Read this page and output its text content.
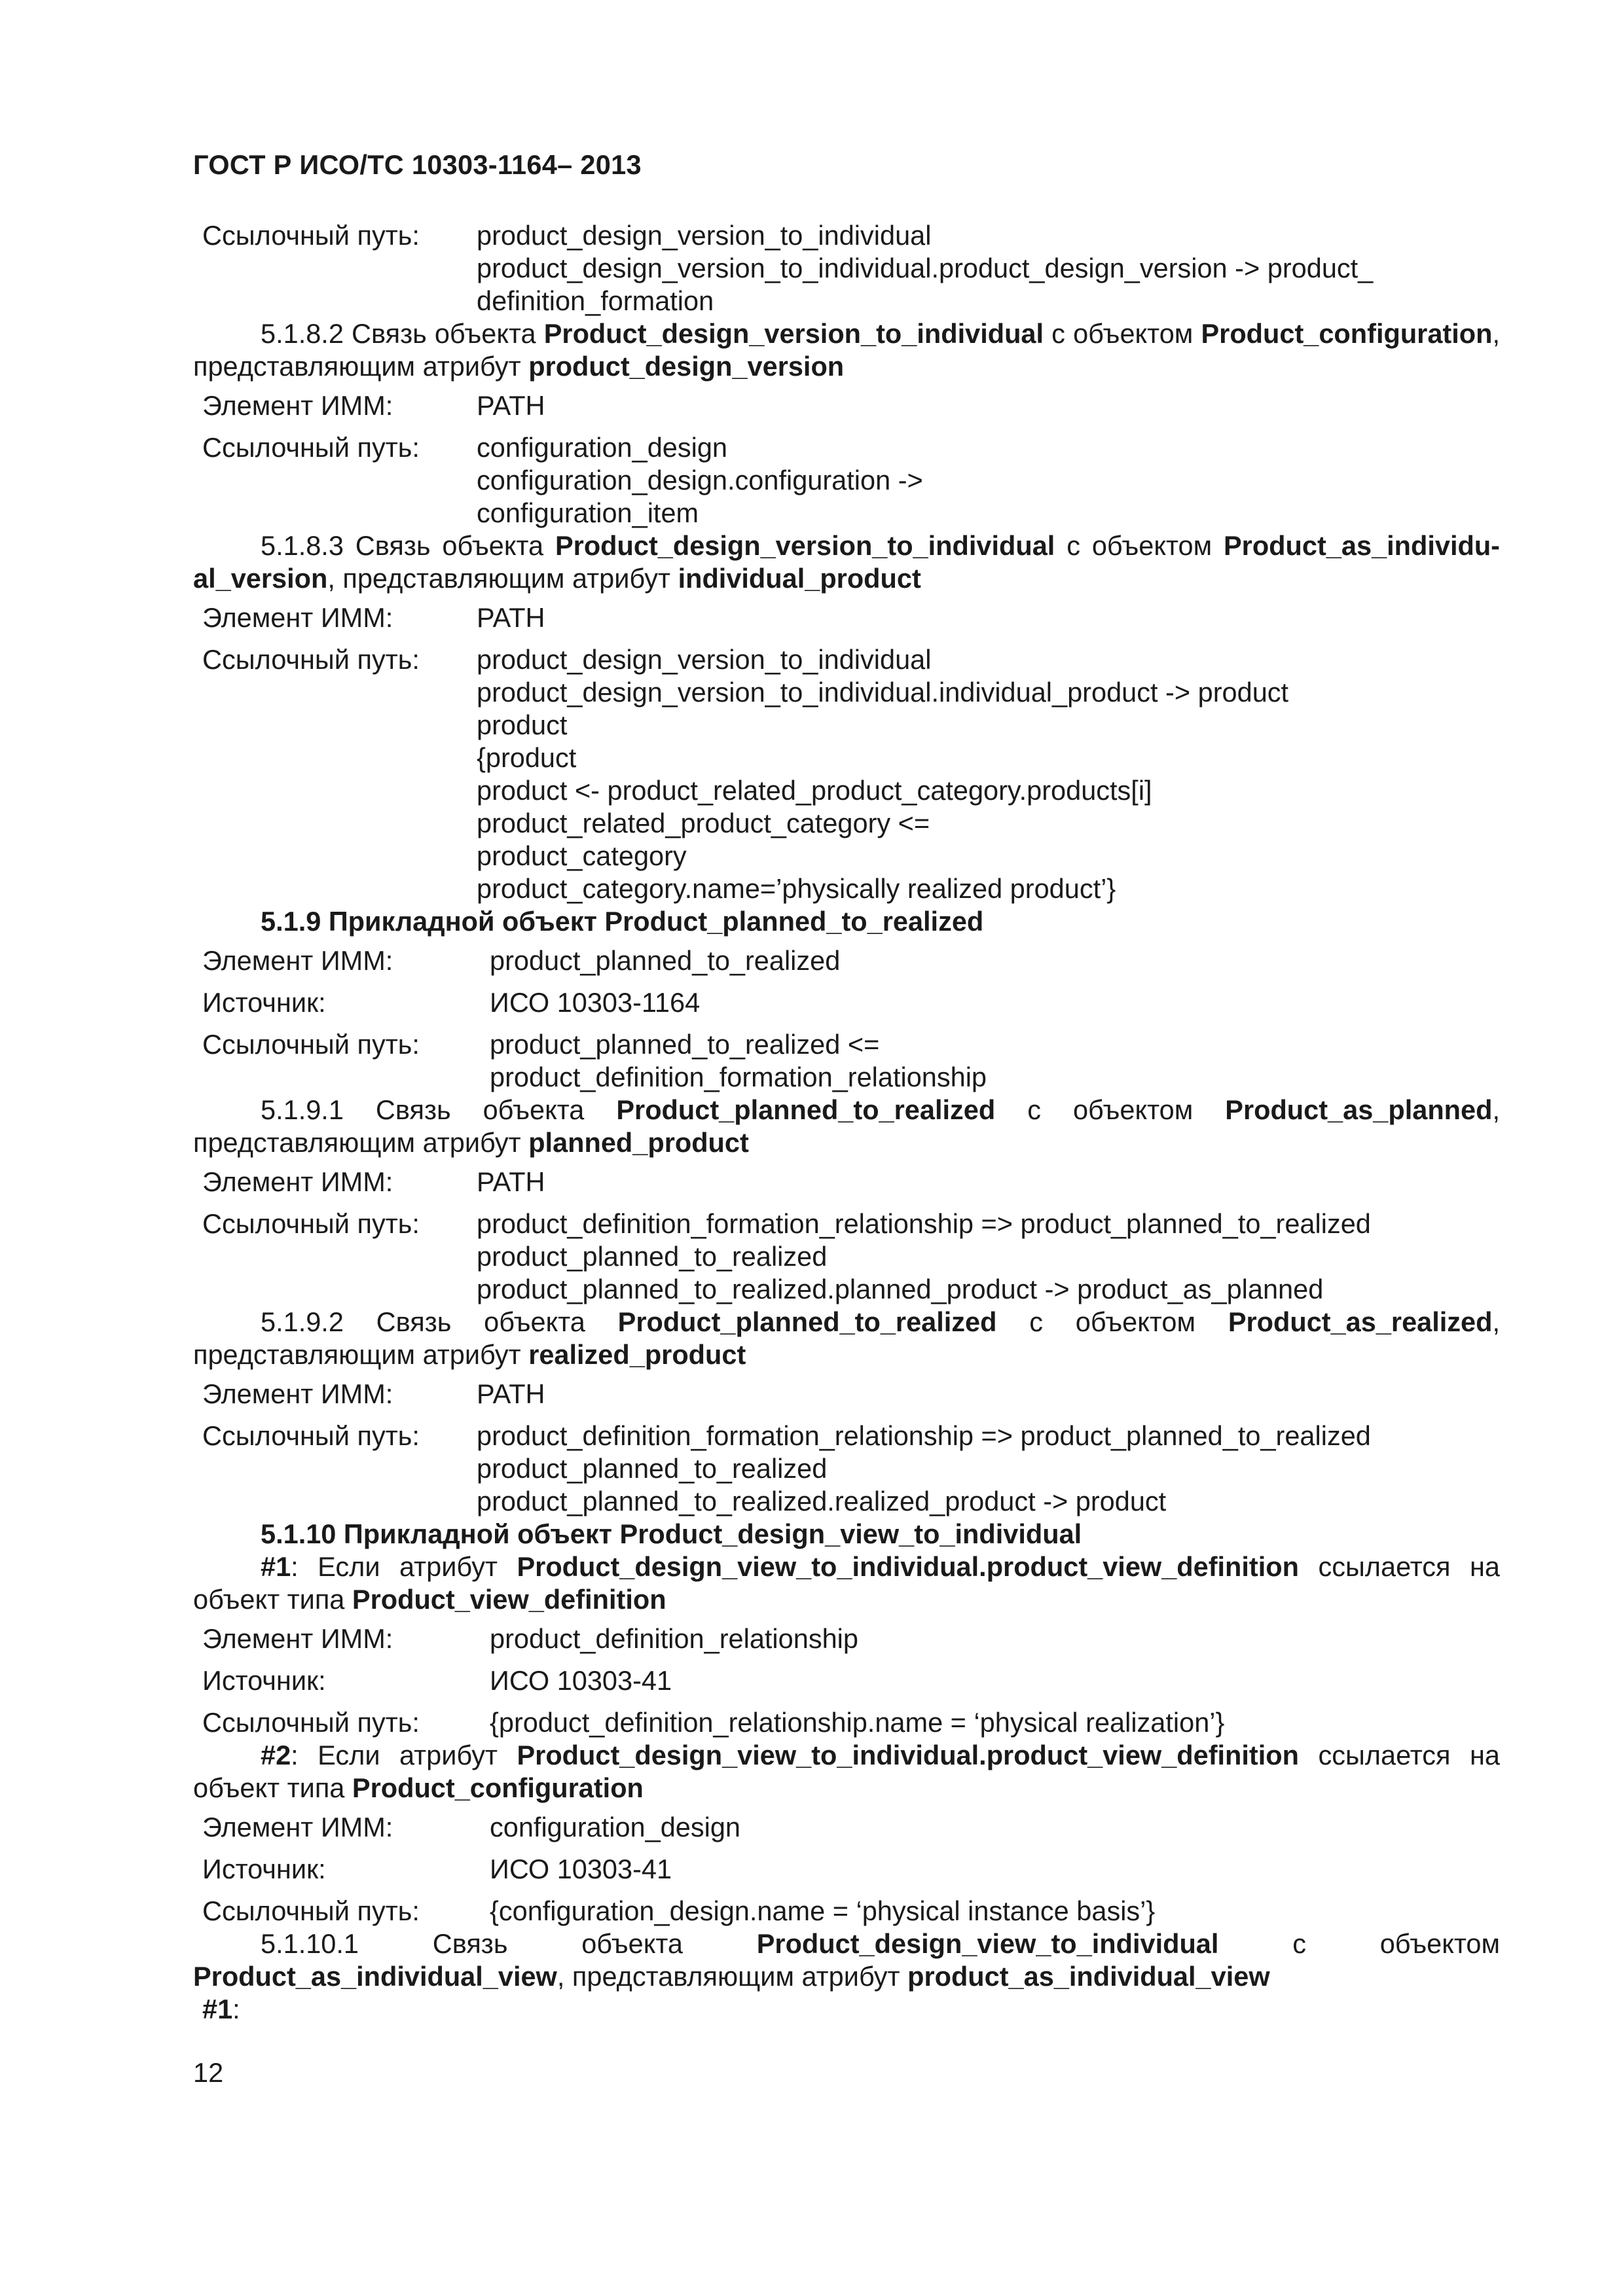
ГОСТ Р ИСО/ТС 10303-1164– 2013
Ссылочный путь:	product_design_version_to_individual
product_design_version_to_individual.product_design_version -> product_
definition_formation
5.1.8.2 Связь объекта Product_design_version_to_individual с объектом Product_configuration, представляющим атрибут product_design_version
Элемент ИММ:	PATH
Ссылочный путь:	configuration_design
configuration_design.configuration ->
configuration_item
5.1.8.3 Связь объекта Product_design_version_to_individual с объектом Product_as_individu-al_version, представляющим атрибут individual_product
Элемент ИММ:	PATH
Ссылочный путь:	product_design_version_to_individual
product_design_version_to_individual.individual_product -> product
product
{product
product <- product_related_product_category.products[i]
product_related_product_category <=
product_category
product_category.name=’physically realized product’}
5.1.9 Прикладной объект Product_planned_to_realized
Элемент ИММ:	product_planned_to_realized
Источник:	ИСО 10303-1164
Ссылочный путь:	product_planned_to_realized <=
product_definition_formation_relationship
5.1.9.1 Связь объекта Product_planned_to_realized с объектом Product_as_planned, представляющим атрибут planned_product
Элемент ИММ:	PATH
Ссылочный путь:	product_definition_formation_relationship => product_planned_to_realized
product_planned_to_realized
product_planned_to_realized.planned_product -> product_as_planned
5.1.9.2 Связь объекта Product_planned_to_realized с объектом Product_as_realized, представляющим атрибут realized_product
Элемент ИММ:	PATH
Ссылочный путь:	product_definition_formation_relationship => product_planned_to_realized
product_planned_to_realized
product_planned_to_realized.realized_product -> product
5.1.10 Прикладной объект Product_design_view_to_individual
#1: Если атрибут Product_design_view_to_individual.product_view_definition ссылается на объект типа Product_view_definition
Элемент ИММ:	product_definition_relationship
Источник:	ИСО 10303-41
Ссылочный путь:	{product_definition_relationship.name = ‘physical realization’}
#2: Если атрибут Product_design_view_to_individual.product_view_definition ссылается на объект типа Product_configuration
Элемент ИММ:	configuration_design
Источник:	ИСО 10303-41
Ссылочный путь:	{configuration_design.name = ‘physical instance basis’}
5.1.10.1 Связь объекта Product_design_view_to_individual с объектом Product_as_individual_view, представляющим атрибут product_as_individual_view
#1:
12
